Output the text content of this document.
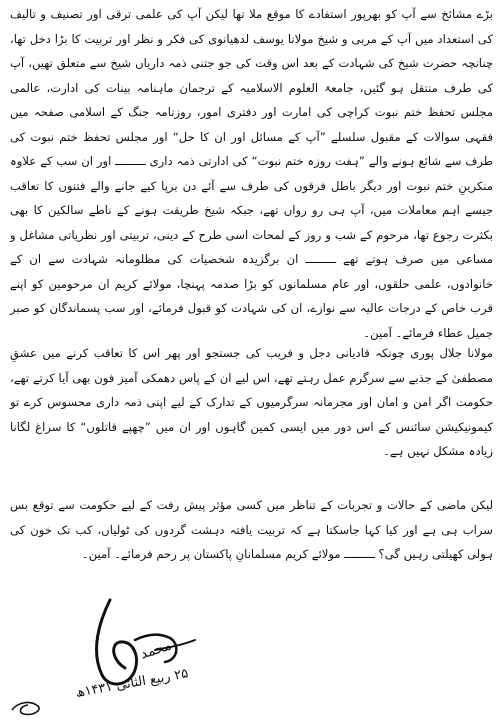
بڑے مشائخ سے آپ کو بھرپور استفادے کا موقع ملا تھا لیکن آپ کی علمی ترقی اور تصنیف و تالیف کی استعداد میں آپ کے مربی و شیخ مولانا یوسف لدھیانوی کی فکر و نظر اور تربیت کا بڑا دخل تھا، چنانچہ حضرت شیخ کی شہادت کے بعد اس وقت کی جو جتنی ذمہ داریاں شیخ سے متعلق تھیں، آپ کی طرف منتقل ہو گئیں، جامعۃ العلوم الاسلامیہ کے ترجمان ماہنامہ بینات کی ادارت، عالمی مجلس تحفظ ختم نبوت کراچی کی امارت اور دفتری امور، روزنامہ جنگ کے اسلامی صفحہ میں فقہی سوالات کے مقبول سلسلے ”آپ کے مسائل اور ان کا حل“ اور مجلس تحفظ ختم نبوت کی طرف سے شائع ہونے والے ”ہفت روزہ ختم نبوت“ کی ادارتی ذمہ داری ـــــــــ اور ان سب کے علاوہ منکرینِ ختم نبوت اور دیگر باطل فرقوں کی طرف سے آئے دن برپا کیے جانے والے فتنوں کا تعاقب جیسے اہم معاملات میں، آپ ہی رو رواں تھے، جبکہ شیخ طریقت ہونے کے ناطے سالکین کا بھی بکثرت رجوع تھا، مرحوم کے شب و روز کے لمحات اسی طرح کے دینی، تربیتی اور نظریاتی مشاغل و مساعی میں صرف ہوتے تھے ـــــــــ ان برگزیدہ شخصیات کی مظلومانہ شہادت سے ان کے خانوادوں، علمی حلقوں، اور عام مسلمانوں کو بڑا صدمہ پہنچا، مولائے کریم ان مرحومین کو اپنے قرب خاص کے درجات عالیہ سے نوازے، ان کی شہادت کو قبول فرمائے، اور سب پسماندگان کو صبر جمیل عطاء فرمائے۔ آمین۔

مولانا جلال پوری چونکہ قادیانی دجل و فریب کی جستجو اور پھر اس کا تعاقب کرنے میں عشقِ مصطفیٰ کے جذبے سے سرگرم عمل رہتے تھے، اس لیے ان کے پاس دھمکی آمیز فون بھی آیا کرتے تھے، حکومت اگر امن و امان اور مجرمانہ سرگرمیوں کے تدارک کے لیے اپنی ذمہ داری محسوس کرے تو کیمونیکیشن سائنس کے اس دور میں ایسی کمین گاہوں اور ان میں ”چھپے قاتلوں“ کا سراغ لگانا زیادہ مشکل نہیں ہے۔

لیکن ماضی کے حالات و تجربات کے تناظر میں کسی مؤثر پیش رفت کے لیے حکومت سے توقع بس سراب ہی ہے اور کیا کہا جاسکتا ہے کہ تربیت یافتہ دہشت گردوں کی ٹولیاں، کب تک خون کی ہولی کھیلتی رہیں گی؟ ـــــــــ مولائے کریم مسلمانانِ پاکستان پر رحم فرمائے۔ آمین۔

محمد
۲۵ ربیع الثانی ۱۴۳۱ھ
